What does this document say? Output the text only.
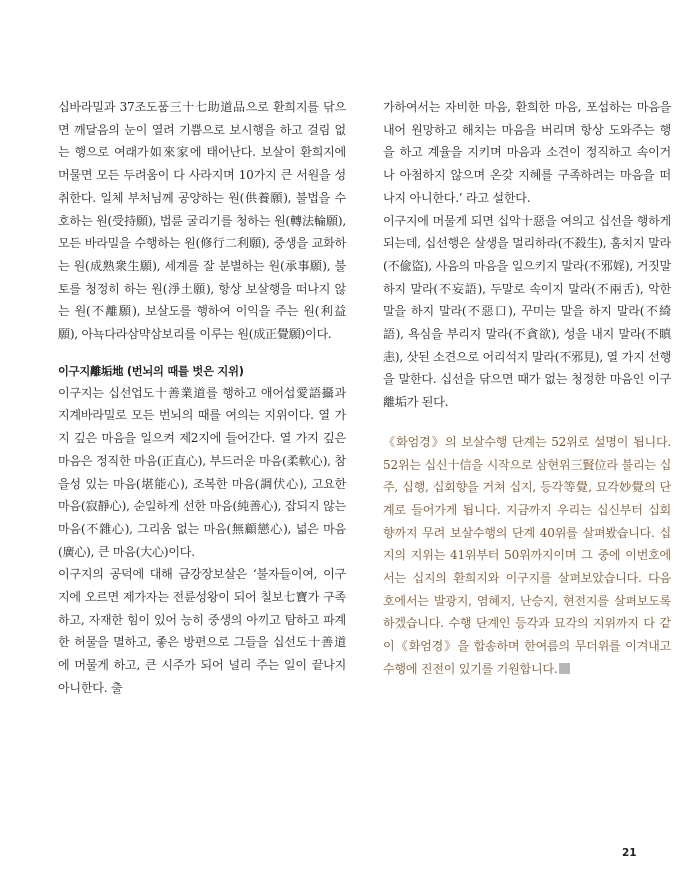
십바라밀과 37조도품三十七助道品으로 환희지를 닦으면 깨달음의 눈이 열려 기쁨으로 보시행을 하고 걸림 없는 행으로 여래가如來家에 태어난다. 보살이 환희지에 머물면 모든 두려움이 다 사라지며 10가지 큰 서원을 성취한다. 일체 부처님께 공양하는 원(供養願), 불법을 수호하는 원(受持願), 법륜 굴리기를 청하는 원(轉法輪願), 모든 바라밀을 수행하는 원(修行二利願), 중생을 교화하는 원(成熟衆生願), 세계를 잘 분별하는 원(承事願), 불토를 청정히 하는 원(淨土願), 항상 보살행을 떠나지 않는 원(不離願), 보살도를 행하여 이익을 주는 원(利益願), 아뇩다라삼먁삼보리를 이루는 원(成正覺願)이다.

이구지離垢地 (번뇌의 때를 벗은 지위)

이구지는 십선업도十善業道를 행하고 애어섭愛語攝과 지계바라밀로 모든 번뇌의 때를 여의는 지위이다. 열 가지 깊은 마음을 일으켜 제2지에 들어간다. 열 가지 깊은 마음은 정직한 마음(正直心), 부드러운 마음(柔軟心), 참을성 있는 마음(堪能心), 조복한 마음(調伏心), 고요한 마음(寂靜心), 순일하게 선한 마음(純善心), 잡되지 않는 마음(不雜心), 그리움 없는 마음(無顧戀心), 넓은 마음(廣心), 큰 마음(大心)이다.

이구지의 공덕에 대해 금강장보살은 ‘불자들이여, 이구지에 오르면 제가자는 전륜성왕이 되어 칠보七寶가 구족하고, 자재한 힘이 있어 능히 중생의 아끼고 탐하고 파계한 허물을 멸하고, 좋은 방편으로 그들을 십선도十善道에 머물게 하고, 큰 시주가 되어 널리 주는 일이 끝나지 아니한다. 출

가하여서는 자비한 마음, 환희한 마음, 포섭하는 마음을 내어 원망하고 해치는 마음을 버리며 항상 도와주는 행을 하고 계율을 지키며 마음과 소견이 정직하고 속이거나 아첨하지 않으며 온갖 지혜를 구족하려는 마음을 떠나지 아니한다.’ 라고 설한다.

이구지에 머물게 되면 십악十惡을 여의고 십선을 행하게 되는데, 십선행은 살생을 멀리하라(不殺生), 훔치지 말라(不偸盜), 사음의 마음을 일으키지 말라(不邪婬), 거짓말하지 말라(不妄語), 두말로 속이지 말라(不兩舌), 악한 말을 하지 말라(不惡口), 꾸미는 말을 하지 말라(不綺語), 욕심을 부리지 말라(不貪欲), 성을 내지 말라(不瞋恚), 삿된 소견으로 어리석지 말라(不邪見), 열 가지 선행을 말한다. 십선을 닦으면 때가 없는 청정한 마음인 이구離垢가 된다.

《화엄경》의 보살수행 단계는 52위로 설명이 됩니다. 52위는 십신十信을 시작으로 삼현위三賢位라 불리는 십주, 십행, 십회향을 거쳐 십지, 등각等覺, 묘각妙覺의 단계로 들어가게 됩니다. 지금까지 우리는 십신부터 십회향까지 무려 보살수행의 단계 40위를 살펴봤습니다. 십지의 지위는 41위부터 50위까지이며 그 중에 이번호에서는 십지의 환희지와 이구지를 살펴보았습니다. 다음 호에서는 발광지, 염혜지, 난승지, 현전지를 살펴보도록 하겠습니다. 수행 단계인 등각과 묘각의 지위까지 다 같이《화엄경》을 합송하며 한여름의 무더위를 이겨내고 수행에 진전이 있기를 기원합니다.

21
